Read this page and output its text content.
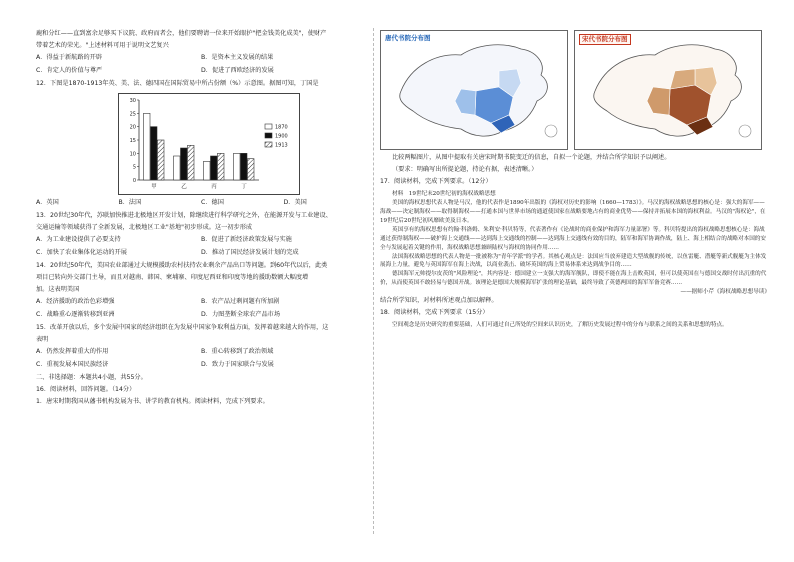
鹿和分红——直到富余足够买下议院、政府而者会，他们要聘请一位来开始眼护"把金钱美化成美"，使财产

带着艺术的荣光。"上述材料可用于说明文艺复兴

A．得益于新航路的开辟	B．是资本主义发展的结果
C．肯定人的价值与尊严	D．促进了西欧经济的发展

12．下图是1870-1913年英、美、法、德四国在国际贸易中所占份额（%）示意图。据图可知，丁国是

0
5
10
15
20
25
30
甲	乙	丙	丁
1870
1900
1913
A．英国	B．法国	C．德国	D．美国

13．20世纪30年代，苏联加快推进北极地区开发计划，除继续进行科学研究之外，在能源开发与工业建设、

交通运输等领域获得了全新发展，北极地区工业"基地"初步形成。这一初步形成

A．为工业建设提供了必要支持	B．促进了新经济政策发展与实施
C．加快了农业集体化运动的开展	D．推动了国民经济发展计划的完成

14．20世纪50年代，美国农业部通过大规模援助农村扶持农业剩余产品出口等问题。到60年代以后，此类

项目已转向外交部门主导，而且对越南、韩国、柬埔寨、印度尼西亚和印度等地的援助数额大幅度增

加。这表明美国

A．经济援助的政治色彩增强	B．农产品过剩问题有所加剧
C．战略重心逐渐转移到亚洲	D．力图垄断全球农产品市场

15．改革开放以后，多个发展中国家的经济组织在为发展中国家争取利益方面，发挥着越来越大的作用，这

表明

A．仍然发挥着重大的作用	B．重心转移到了政治领域
C．重视发展本国民族经济	D．致力于国家联合与发展

二、非选择题：本题共4小题，共55分。

16．阅读材料，回答问题。（14分）

1．唐宋时期我国从藩书机构发展为书、讲学的教育机构。阅读材料，完成下列要求。

唐代书院分布图	宋代书院分布图

比较两幅图片，从图中提取有关唐宋时期书院变迁的信息，自拟一个论题，并结合所学知识予以阐述。

（要求：明确写出所提论题，持论有据，表述清晰。）

17．阅读材料，完成下列要求。（12分）

材料　19世纪末20世纪初的海权战略思想

美国的海权思想代表人物是马汉，他的代表作是1890年出版的《海权对历史的影响（1660—1783）》。马汉的海权战略思想的核心是：强大的海军——海战——决定制海权——取得制海权——打通本国与世界市场的通道使国家在战略要地占有的商业优势——保持并拓展本国的海权利益。马汉的"海权论"，在19世纪后20世纪初风靡欧美及日本。

英国享有的海权思想有约翰·科洛姆、朱利安·科贝特等，代表著作有《论战时的商业保护和海军力量部署》等。科贝特提出的海权战略思想核心是：海战通过获得制海权——破护海上交通线——达到海上交通线的控制——达到海上交通线有效的目的，陆军和海军协调作战，陆上、海上相结合的战略对本国的安全与发展起着关键的作用，海权战略思想兼顾陆权与海权的协同作用……

法国海权战略思想的代表人物是一批被称为"青年学派"的学者。其核心观点是：法国应当放弃建造大型战舰的传统，以鱼雷艇、潜艇等新式舰艇为主体发展海上力量，避免与英国海军在海上决战，以商业袭击、破坏英国的海上贸易体系来达到战争目的……

德国海军元帅提尔皮茨的"风险理论"，其内容是：德国建立一支强大的海军舰队，即使不能在海上击败英国，但可以使英国在与德国交战时付出沉重的代价，从而使英国不敢轻易与德国开战。该理论是德国大规模海军扩张的理论基础，最终导致了英德两国的海军军备竞赛……

——据师小芹《海权战略思想导读》

结合所学知识，对材料所述观点加以解释。

18．阅读材料，完成下列要求（15分）

空间观念是历史研究的重要基础，人们可通过自己所处的空间来认识历史，了解历史发展过程中的分布与联系之间的关系和思想的特点。
